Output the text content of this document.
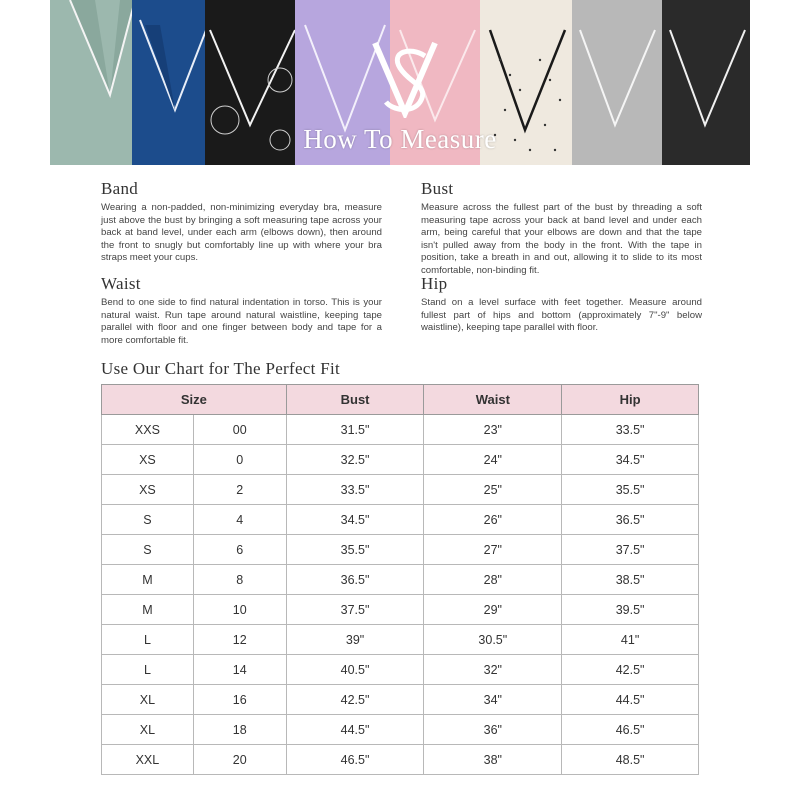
How To Measure
Band

Wearing a non-padded, non-minimizing everyday bra, measure just above the bust by bringing a soft measuring tape across your back at band level, under each arm (elbows down), then around the front to snugly but comfortably line up with where your bra straps meet your cups.

Bust

Measure across the fullest part of the bust by threading a soft measuring tape across your back at band level and under each arm, being careful that your elbows are down and that the tape isn't pulled away from the body in the front. With the tape in position, take a breath in and out, allowing it to slide to its most comfortable, non-binding fit.

Waist

Bend to one side to find natural indentation in torso. This is your natural waist. Run tape around natural waistline, keeping tape parallel with floor and one finger between body and tape for a more comfortable fit.

Hip

Stand on a level surface with feet together. Measure around fullest part of hips and bottom (approximately 7"-9" below waistline), keeping tape parallel with floor.

Use Our Chart for The Perfect Fit
Size		Bust	Waist	Hip
XXS	00	31.5"	23"	33.5"
XS	0	32.5"	24"	34.5"
XS	2	33.5"	25"	35.5"
S	4	34.5"	26"	36.5"
S	6	35.5"	27"	37.5"
M	8	36.5"	28"	38.5"
M	10	37.5"	29"	39.5"
L	12	39"	30.5"	41"
L	14	40.5"	32"	42.5"
XL	16	42.5"	34"	44.5"
XL	18	44.5"	36"	46.5"
XXL	20	46.5"	38"	48.5"
